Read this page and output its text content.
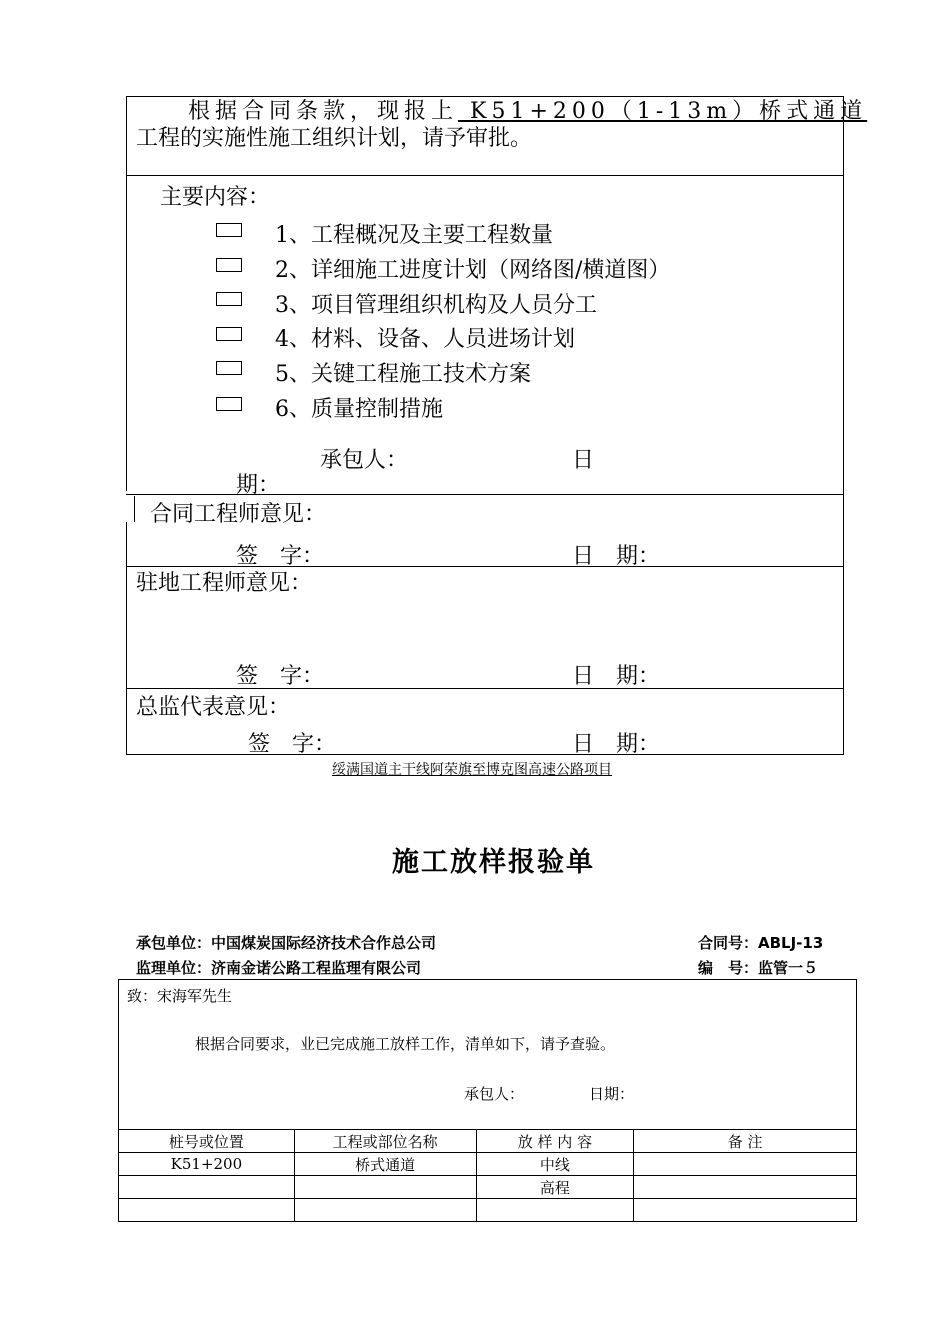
根据合同条款，现报上 K51+200（1-13m）桥式通道
工程的实施性施工组织计划，请予审批。
主要内容：
1、工程概况及主要工程数量
2、详细施工进度计划（网络图/横道图）
3、项目管理组织机构及人员分工
4、材料、设备、人员进场计划
5、关键工程施工技术方案
6、质量控制措施
承包人：	日
期：
合同工程师意见：
签　字：	日　期：
驻地工程师意见：
签　字：	日　期：
总监代表意见：
签　字：	日　期：
绥满国道主干线阿荣旗至博克图高速公路项目
施工放样报验单
承包单位：中国煤炭国际经济技术合作总公司	合同号：ABLJ-13
监理单位：济南金诺公路工程监理有限公司	编　号：监管一５
致：宋海军先生
根据合同要求，业已完成施工放样工作，清单如下，请予查验。
承包人：	日期：
桩号或位置	工程或部位名称	放 样 内 容	备 注
K51+200	桥式通道	中线	
		高程	
